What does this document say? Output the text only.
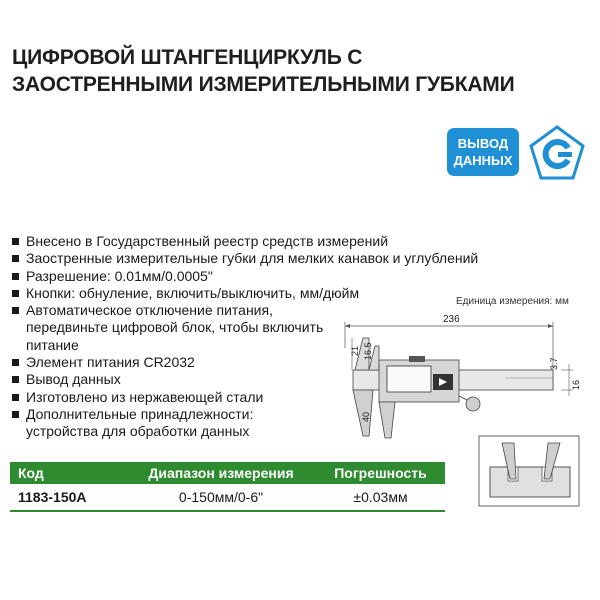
ЦИФРОВОЙ ШТАНГЕНЦИРКУЛЬ С
ЗАОСТРЕННЫМИ ИЗМЕРИТЕЛЬНЫМИ ГУБКАМИ
ВЫВОД
ДАННЫХ
Внесено в Государственный реестр средств измерений
Заостренные измерительные губки для мелких канавок и углублений
Разрешение: 0.01мм/0.0005"
Кнопки: обнуление, включить/выключить, мм/дюйм
Автоматическое отключение питания, передвиньте цифровой блок, чтобы включить питание
Элемент питания CR2032
Вывод данных
Изготовлено из нержавеющей стали
Дополнительные принадлежности: устройства для обработки данных
Единица измерения: мм
236
21 16.5
40
3.7
16
Код	Диапазон измерения	Погрешность
1183-150A	0-150мм/0-6"	±0.03мм
